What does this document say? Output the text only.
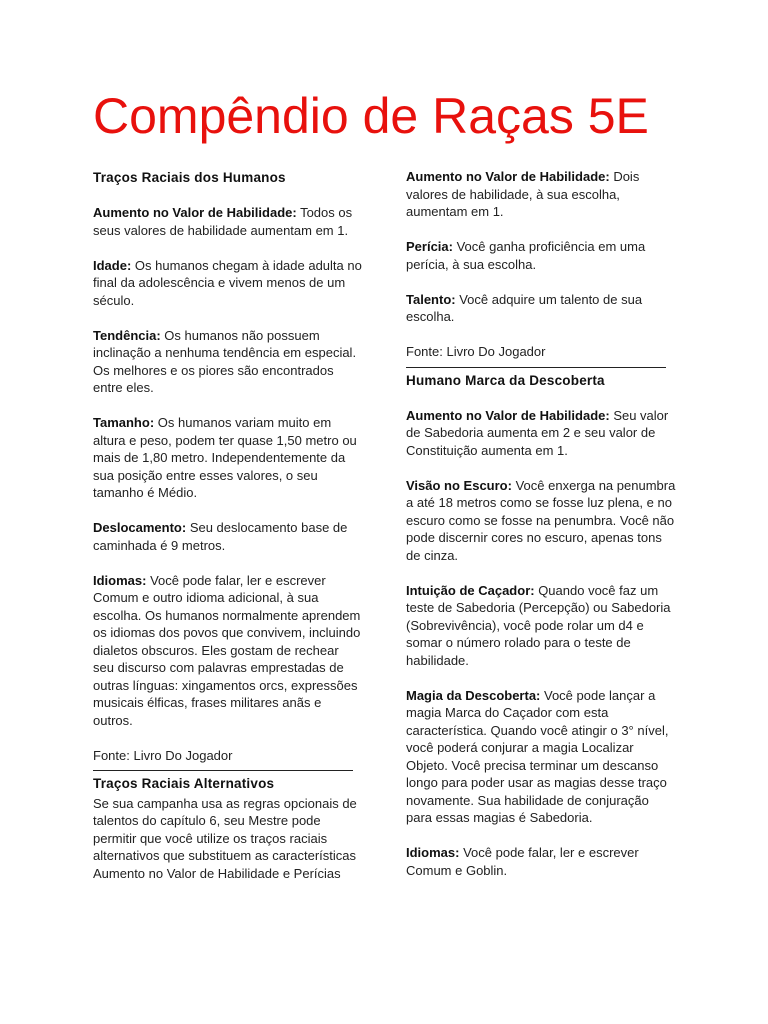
Compêndio de Raças 5E
Traços Raciais dos Humanos

Aumento no Valor de Habilidade: Todos os seus valores de habilidade aumentam em 1.

Idade: Os humanos chegam à idade adulta no final da adolescência e vivem menos de um século.

Tendência: Os humanos não possuem inclinação a nenhuma tendência em especial. Os melhores e os piores são encontrados entre eles.

Tamanho: Os humanos variam muito em altura e peso, podem ter quase 1,50 metro ou mais de 1,80 metro. Independentemente da sua posição entre esses valores, o seu tamanho é Médio.

Deslocamento: Seu deslocamento base de caminhada é 9 metros.

Idiomas: Você pode falar, ler e escrever Comum e outro idioma adicional, à sua escolha. Os humanos normalmente aprendem os idiomas dos povos que convivem, incluindo dialetos obscuros. Eles gostam de rechear seu discurso com palavras emprestadas de outras línguas: xingamentos orcs, expressões musicais élficas, frases militares anãs e outros.

Fonte: Livro Do Jogador

Traços Raciais Alternativos

Se sua campanha usa as regras opcionais de talentos do capítulo 6, seu Mestre pode permitir que você utilize os traços raciais alternativos que substituem as características Aumento no Valor de Habilidade e Perícias

Aumento no Valor de Habilidade: Dois valores de habilidade, à sua escolha, aumentam em 1.

Perícia: Você ganha proficiência em uma perícia, à sua escolha.

Talento: Você adquire um talento de sua escolha.

Fonte: Livro Do Jogador

Humano Marca da Descoberta

Aumento no Valor de Habilidade: Seu valor de Sabedoria aumenta em 2 e seu valor de Constituição aumenta em 1.

Visão no Escuro: Você enxerga na penumbra a até 18 metros como se fosse luz plena, e no escuro como se fosse na penumbra. Você não pode discernir cores no escuro, apenas tons de cinza.

Intuição de Caçador: Quando você faz um teste de Sabedoria (Percepção) ou Sabedoria (Sobrevivência), você pode rolar um d4 e somar o número rolado para o teste de habilidade.

Magia da Descoberta: Você pode lançar a magia Marca do Caçador com esta característica. Quando você atingir o 3° nível, você poderá conjurar a magia Localizar Objeto. Você precisa terminar um descanso longo para poder usar as magias desse traço novamente. Sua habilidade de conjuração para essas magias é Sabedoria.

Idiomas: Você pode falar, ler e escrever Comum e Goblin.
